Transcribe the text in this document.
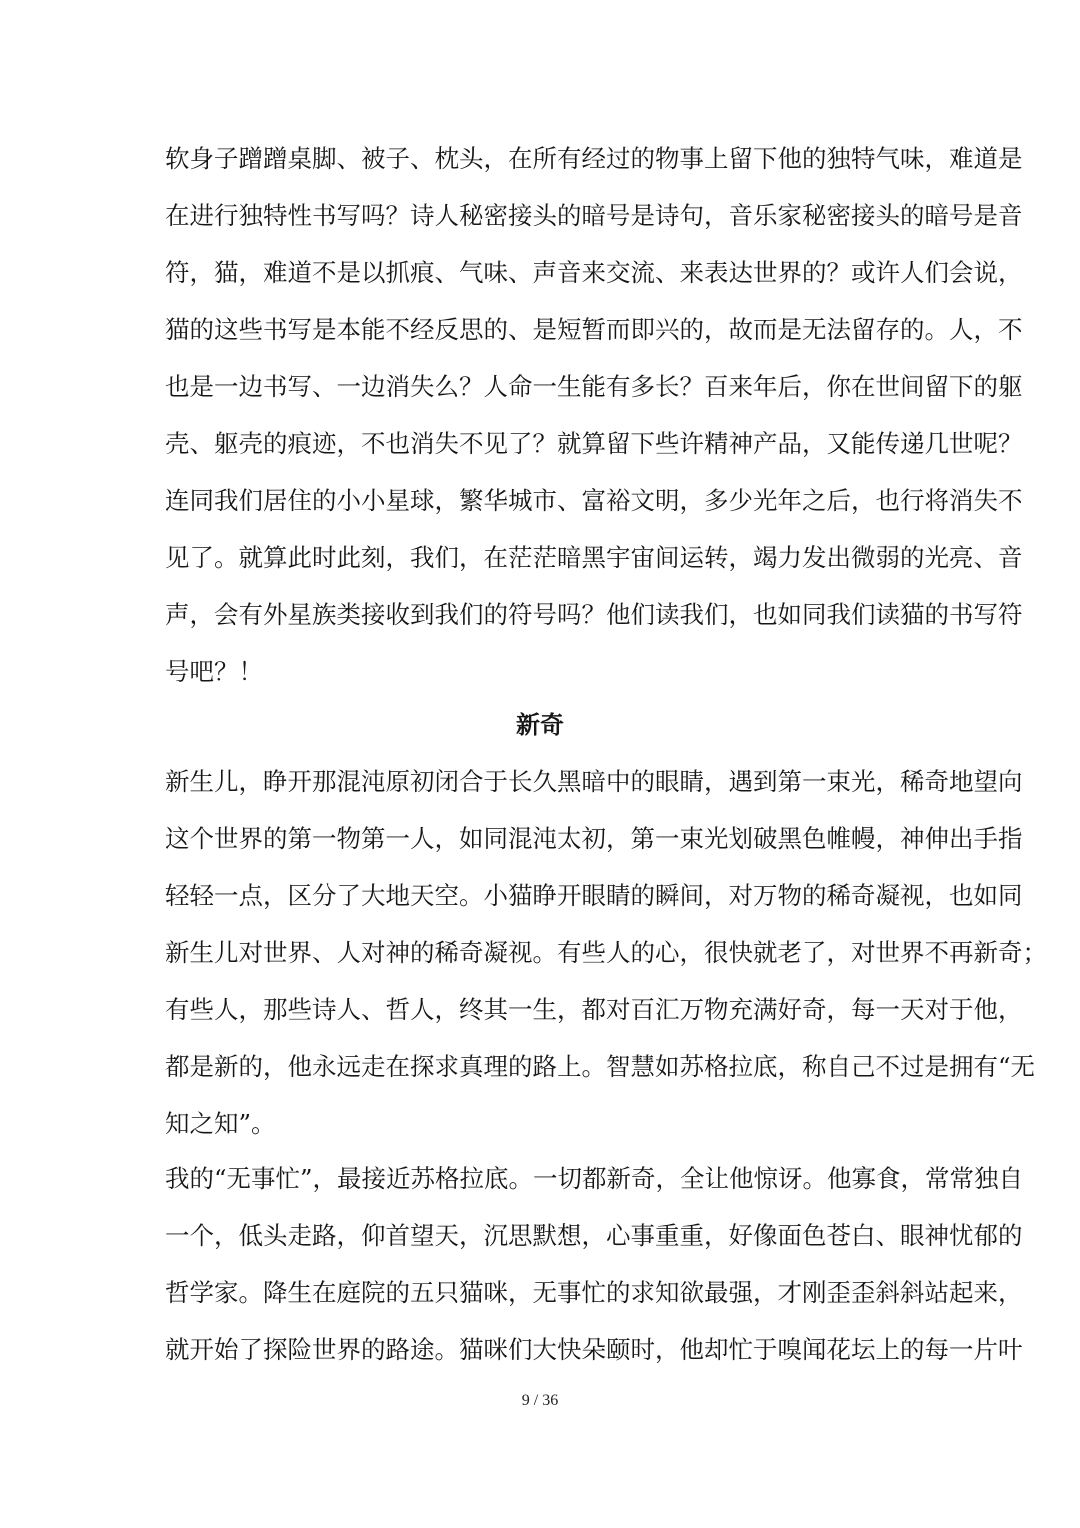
软身子蹭蹭桌脚、被子、枕头，在所有经过的物事上留下他的独特气味，难道是
在进行独特性书写吗？诗人秘密接头的暗号是诗句，音乐家秘密接头的暗号是音
符，猫，难道不是以抓痕、气味、声音来交流、来表达世界的？或许人们会说，
猫的这些书写是本能不经反思的、是短暂而即兴的，故而是无法留存的。人，不
也是一边书写、一边消失么？人命一生能有多长？百来年后，你在世间留下的躯
壳、躯壳的痕迹，不也消失不见了？就算留下些许精神产品，又能传递几世呢？
连同我们居住的小小星球，繁华城市、富裕文明，多少光年之后，也行将消失不
见了。就算此时此刻，我们，在茫茫暗黑宇宙间运转，竭力发出微弱的光亮、音
声，会有外星族类接收到我们的符号吗？他们读我们，也如同我们读猫的书写符
号吧？！
新奇
新生儿，睁开那混沌原初闭合于长久黑暗中的眼睛，遇到第一束光，稀奇地望向
这个世界的第一物第一人，如同混沌太初，第一束光划破黑色帷幔，神伸出手指
轻轻一点，区分了大地天空。小猫睁开眼睛的瞬间，对万物的稀奇凝视，也如同
新生儿对世界、人对神的稀奇凝视。有些人的心，很快就老了，对世界不再新奇；
有些人，那些诗人、哲人，终其一生，都对百汇万物充满好奇，每一天对于他，
都是新的，他永远走在探求真理的路上。智慧如苏格拉底，称自己不过是拥有“无
知之知”。
我的“无事忙”，最接近苏格拉底。一切都新奇，全让他惊讶。他寡食，常常独自
一个，低头走路，仰首望天，沉思默想，心事重重，好像面色苍白、眼神忧郁的
哲学家。降生在庭院的五只猫咪，无事忙的求知欲最强，才刚歪歪斜斜站起来，
就开始了探险世界的路途。猫咪们大快朵颐时，他却忙于嗅闻花坛上的每一片叶
9 / 36
